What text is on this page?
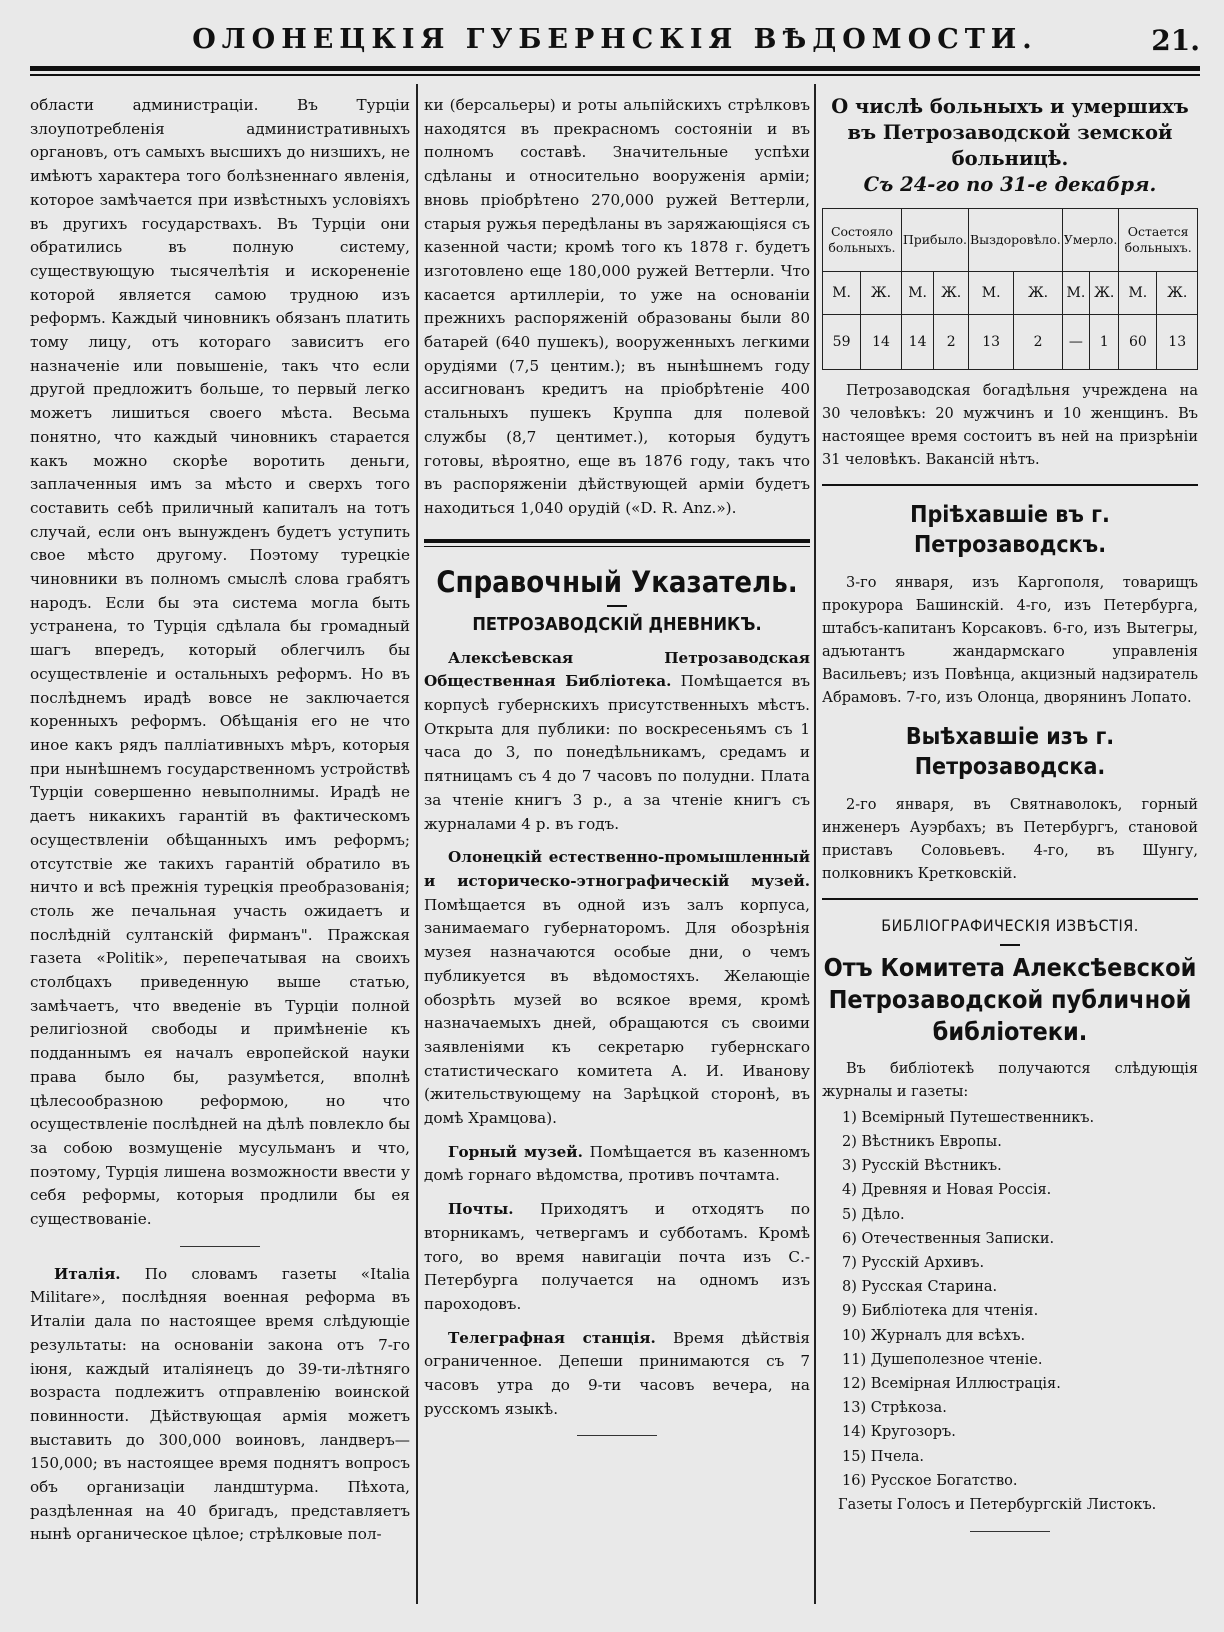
ОЛОНЕЦКIЯ ГУБЕРНСКIЯ ВѢДОМОСТИ.	21.

области администраціи. Въ Турціи злоупотребленія административныхъ органовъ, отъ самыхъ высшихъ до низшихъ, не имѣютъ характера того болѣзненнаго явленія, которое замѣчается при извѣстныхъ условіяхъ въ другихъ государствахъ. Въ Турціи они обратились въ полную систему, существующую тысячелѣтія и искорененіе которой является самою трудною изъ реформъ. Каждый чиновникъ обязанъ платить тому лицу, отъ котораго зависитъ его назначеніе или повышеніе, такъ что если другой предложитъ больше, то первый легко можетъ лишиться своего мѣста. Весьма понятно, что каждый чиновникъ старается какъ можно скорѣе воротить деньги, заплаченныя имъ за мѣсто и сверхъ того составить себѣ приличный капиталъ на тотъ случай, если онъ вынужденъ будетъ уступить свое мѣсто другому. Поэтому турецкіе чиновники въ полномъ смыслѣ слова грабятъ народъ. Если бы эта система могла быть устранена, то Турція сдѣлала бы громадный шагъ впередъ, который облегчилъ бы осуществленіе и остальныхъ реформъ. Но въ послѣднемъ ирадѣ вовсе не заключается коренныхъ реформъ. Обѣщанія его не что иное какъ рядъ палліативныхъ мѣръ, которыя при нынѣшнемъ государственномъ устройствѣ Турціи совершенно невыполнимы. Ирадѣ не даетъ никакихъ гарантій въ фактическомъ осуществленіи обѣщанныхъ имъ реформъ; отсутствіе же такихъ гарантій обратило въ ничто и всѣ прежнія турецкія преобразованія; столь же печальная участь ожидаетъ и послѣдній султанскій фирманъ". Пражская газета «Politik», перепечатывая на своихъ столбцахъ приведенную выше статью, замѣчаетъ, что введеніе въ Турціи полной религіозной свободы и примѣненіе къ подданнымъ ея началъ европейской науки права было бы, разумѣется, вполнѣ цѣлесообразною реформою, но что осуществленіе послѣдней на дѣлѣ повлекло бы за собою возмущеніе мусульманъ и что, поэтому, Турція лишена возможности ввести у себя реформы, которыя продлили бы ея существованіе.

Италія. По словамъ газеты «Italia Militare», послѣдняя военная реформа въ Италіи дала по настоящее время слѣдующіе результаты: на основаніи закона отъ 7-го іюня, каждый италіянецъ до 39-ти-лѣтняго возраста подлежитъ отправленію воинской повинности. Дѣйствующая армія можетъ выставить до 300,000 воиновъ, ландверъ—150,000; въ настоящее время поднятъ вопросъ объ организаціи ландштурма. Пѣхота, раздѣленная на 40 бригадъ, представляетъ нынѣ органическое цѣлое; стрѣлковые пол-

ки (берсальеры) и роты альпійскихъ стрѣлковъ находятся въ прекрасномъ состояніи и въ полномъ составѣ. Значительные успѣхи сдѣланы и относительно вооруженія арміи; вновь пріобрѣтено 270,000 ружей Веттерли, старыя ружья передѣланы въ заряжающіяся съ казенной части; кромѣ того къ 1878 г. будетъ изготовлено еще 180,000 ружей Веттерли. Что касается артиллеріи, то уже на основаніи прежнихъ распоряженій образованы были 80 батарей (640 пушекъ), вооруженныхъ легкими орудіями (7,5 центим.); въ нынѣшнемъ году ассигнованъ кредитъ на пріобрѣтеніе 400 стальныхъ пушекъ Круппа для полевой службы (8,7 центимет.), которыя будутъ готовы, вѣроятно, еще въ 1876 году, такъ что въ распоряженіи дѣйствующей арміи будетъ находиться 1,040 орудій («D. R. Anz.»).

Справочный Указатель.
ПЕТРОЗАВОДСКIЙ ДНЕВНИКЪ.

Алексѣевская Петрозаводская Общественная Библіотека. Помѣщается въ корпусѣ губернскихъ присутственныхъ мѣстъ. Открыта для публики: по воскресеньямъ съ 1 часа до 3, по понедѣльникамъ, средамъ и пятницамъ съ 4 до 7 часовъ по полудни. Плата за чтеніе книгъ 3 р., а за чтеніе книгъ съ журналами 4 р. въ годъ.

Олонецкій естественно-промышленный и историческо-этнографическій музей. Помѣщается въ одной изъ залъ корпуса, занимаемаго губернаторомъ. Для обозрѣнія музея назначаются особые дни, о чемъ публикуется въ вѣдомостяхъ. Желающіе обозрѣть музей во всякое время, кромѣ назначаемыхъ дней, обращаются съ своими заявленіями къ секретарю губернскаго статистическаго комитета А. И. Иванову (жительствующему на Зарѣцкой сторонѣ, въ домѣ Храмцова).

Горный музей. Помѣщается въ казенномъ домѣ горнаго вѣдомства, противъ почтамта.

Почты. Приходятъ и отходятъ по вторникамъ, четвергамъ и субботамъ. Кромѣ того, во время навигаціи почта изъ С.-Петербурга получается на одномъ изъ пароходовъ.

Телеграфная станція. Время дѣйствія ограниченное. Депеши принимаются съ 7 часовъ утра до 9-ти часовъ вечера, на русскомъ языкѣ.

О числѣ больныхъ и умершихъ въ Петрозаводской земской больницѣ.
Съ 24-го по 31-е декабря.
Состояло больныхъ.		Прибыло.		Выздоровѣло.		Умерло.		Остается больныхъ.	
М.	Ж.	М.	Ж.	М.	Ж.	М.	Ж.	М.	Ж.
59	14	14	2	13	2	—	1	60	13

Петрозаводская богадѣльня учреждена на 30 человѣкъ: 20 мужчинъ и 10 женщинъ. Въ настоящее время состоитъ въ ней на призрѣніи 31 человѣкъ. Вакансій нѣтъ.

Пріѣхавшіе въ г. Петрозаводскъ.

3-го января, изъ Каргополя, товарищъ прокурора Башинскій. 4-го, изъ Петербурга, штабсъ-капитанъ Корсаковъ. 6-го, изъ Вытегры, адъютантъ жандармскаго управленія Васильевъ; изъ Повѣнца, акцизный надзиратель Абрамовъ. 7-го, изъ Олонца, дворянинъ Лопато.

Выѣхавшіе изъ г. Петрозаводска.

2-го января, въ Святнаволокъ, горный инженеръ Ауэрбахъ; въ Петербургъ, становой приставъ Соловьевъ. 4-го, въ Шунгу, полковникъ Кретковскій.

БИБЛIОГРАФИЧЕСКIЯ ИЗВѢСТIЯ.
Отъ Комитета Алексѣевской Петрозаводской публичной библіотеки.

Въ библіотекѣ получаются слѣдующія журналы и газеты:

1) Всемірный Путешественникъ.
2) Вѣстникъ Европы.
3) Русскій Вѣстникъ.
4) Древняя и Новая Россія.
5) Дѣло.
6) Отечественныя Записки.
7) Русскій Архивъ.
8) Русская Старина.
9) Библіотека для чтенія.
10) Журналъ для всѣхъ.
11) Душеполезное чтеніе.
12) Всемірная Иллюстрація.
13) Стрѣкоза.
14) Кругозоръ.
15) Пчела.
16) Русское Богатство.
Газеты Голосъ и Петербургскій Листокъ.
